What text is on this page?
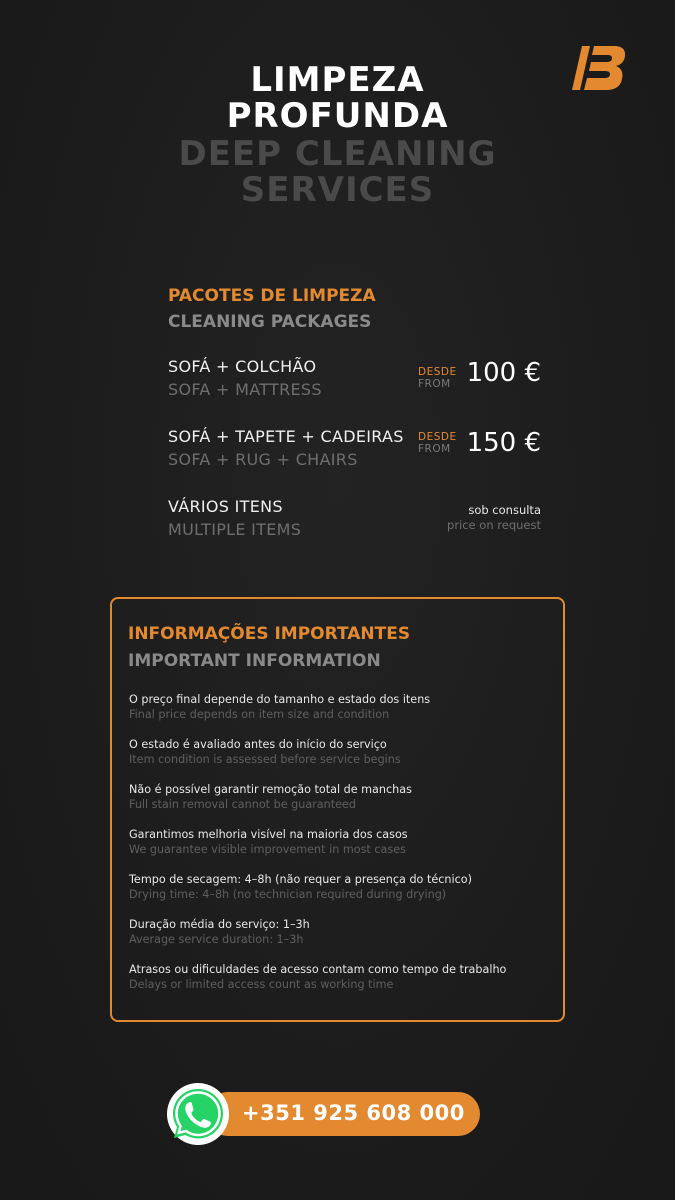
LIMPEZA
PROFUNDA
DEEP CLEANING
SERVICES
PACOTES DE LIMPEZA
CLEANING PACKAGES
SOFÁ + COLCHÃO
SOFA + MATTRESS
DESDE
FROM 100 €
SOFÁ + TAPETE + CADEIRAS
SOFA + RUG + CHAIRS
DESDE
FROM 150 €
VÁRIOS ITENS
MULTIPLE ITEMS
sob consulta
price on request
INFORMAÇÕES IMPORTANTES
IMPORTANT INFORMATION
O preço final depende do tamanho e estado dos itens
Final price depends on item size and condition
O estado é avaliado antes do início do serviço
Item condition is assessed before service begins
Não é possível garantir remoção total de manchas
Full stain removal cannot be guaranteed
Garantimos melhoria visível na maioria dos casos
We guarantee visible improvement in most cases
Tempo de secagem: 4–8h (não requer a presença do técnico)
Drying time: 4–8h (no technician required during drying)
Duração média do serviço: 1–3h
Average service duration: 1–3h
Atrasos ou dificuldades de acesso contam como tempo de trabalho
Delays or limited access count as working time
+351 925 608 000
